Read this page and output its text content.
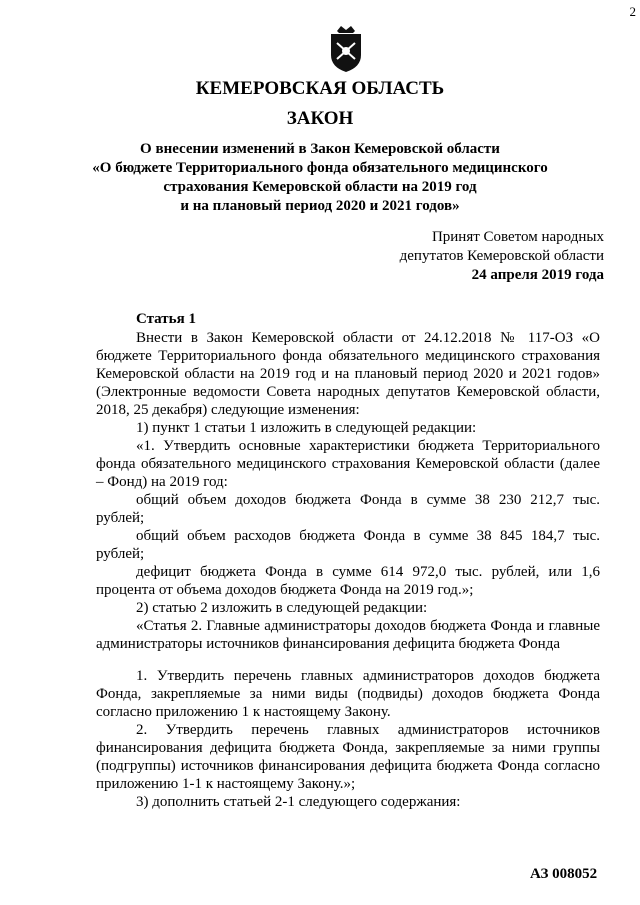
2
КЕМЕРОВСКАЯ ОБЛАСТЬ
ЗАКОН
О внесении изменений в Закон Кемеровской области
«О бюджете Территориального фонда обязательного медицинского
страхования Кемеровской области на 2019 год
и на плановый период 2020 и 2021 годов»
Принят Советом народных
депутатов Кемеровской области
24 апреля 2019 года
Статья 1

Внести в Закон Кемеровской области от 24.12.2018 № 117-ОЗ «О бюджете Территориального фонда обязательного медицинского страхования Кемеровской области на 2019 год и на плановый период 2020 и 2021 годов» (Электронные ведомости Совета народных депутатов Кемеровской области, 2018, 25 декабря) следующие изменения:

1) пункт 1 статьи 1 изложить в следующей редакции:

«1. Утвердить основные характеристики бюджета Территориального фонда обязательного медицинского страхования Кемеровской области (далее – Фонд) на 2019 год:

общий объем доходов бюджета Фонда в сумме 38 230 212,7 тыс. рублей;

общий объем расходов бюджета Фонда в сумме 38 845 184,7 тыс. рублей;

дефицит бюджета Фонда в сумме 614 972,0 тыс. рублей, или 1,6 процента от объема доходов бюджета Фонда на 2019 год.»;

2) статью 2 изложить в следующей редакции:

«Статья 2. Главные администраторы доходов бюджета Фонда и главные администраторы источников финансирования дефицита бюджета Фонда

1. Утвердить перечень главных администраторов доходов бюджета Фонда, закрепляемые за ними виды (подвиды) доходов бюджета Фонда согласно приложению 1 к настоящему Закону.

2. Утвердить перечень главных администраторов источников финансирования дефицита бюджета Фонда, закрепляемые за ними группы (подгруппы) источников финансирования дефицита бюджета Фонда согласно приложению 1-1 к настоящему Закону.»;

3) дополнить статьей 2-1 следующего содержания:

АЗ 008052
